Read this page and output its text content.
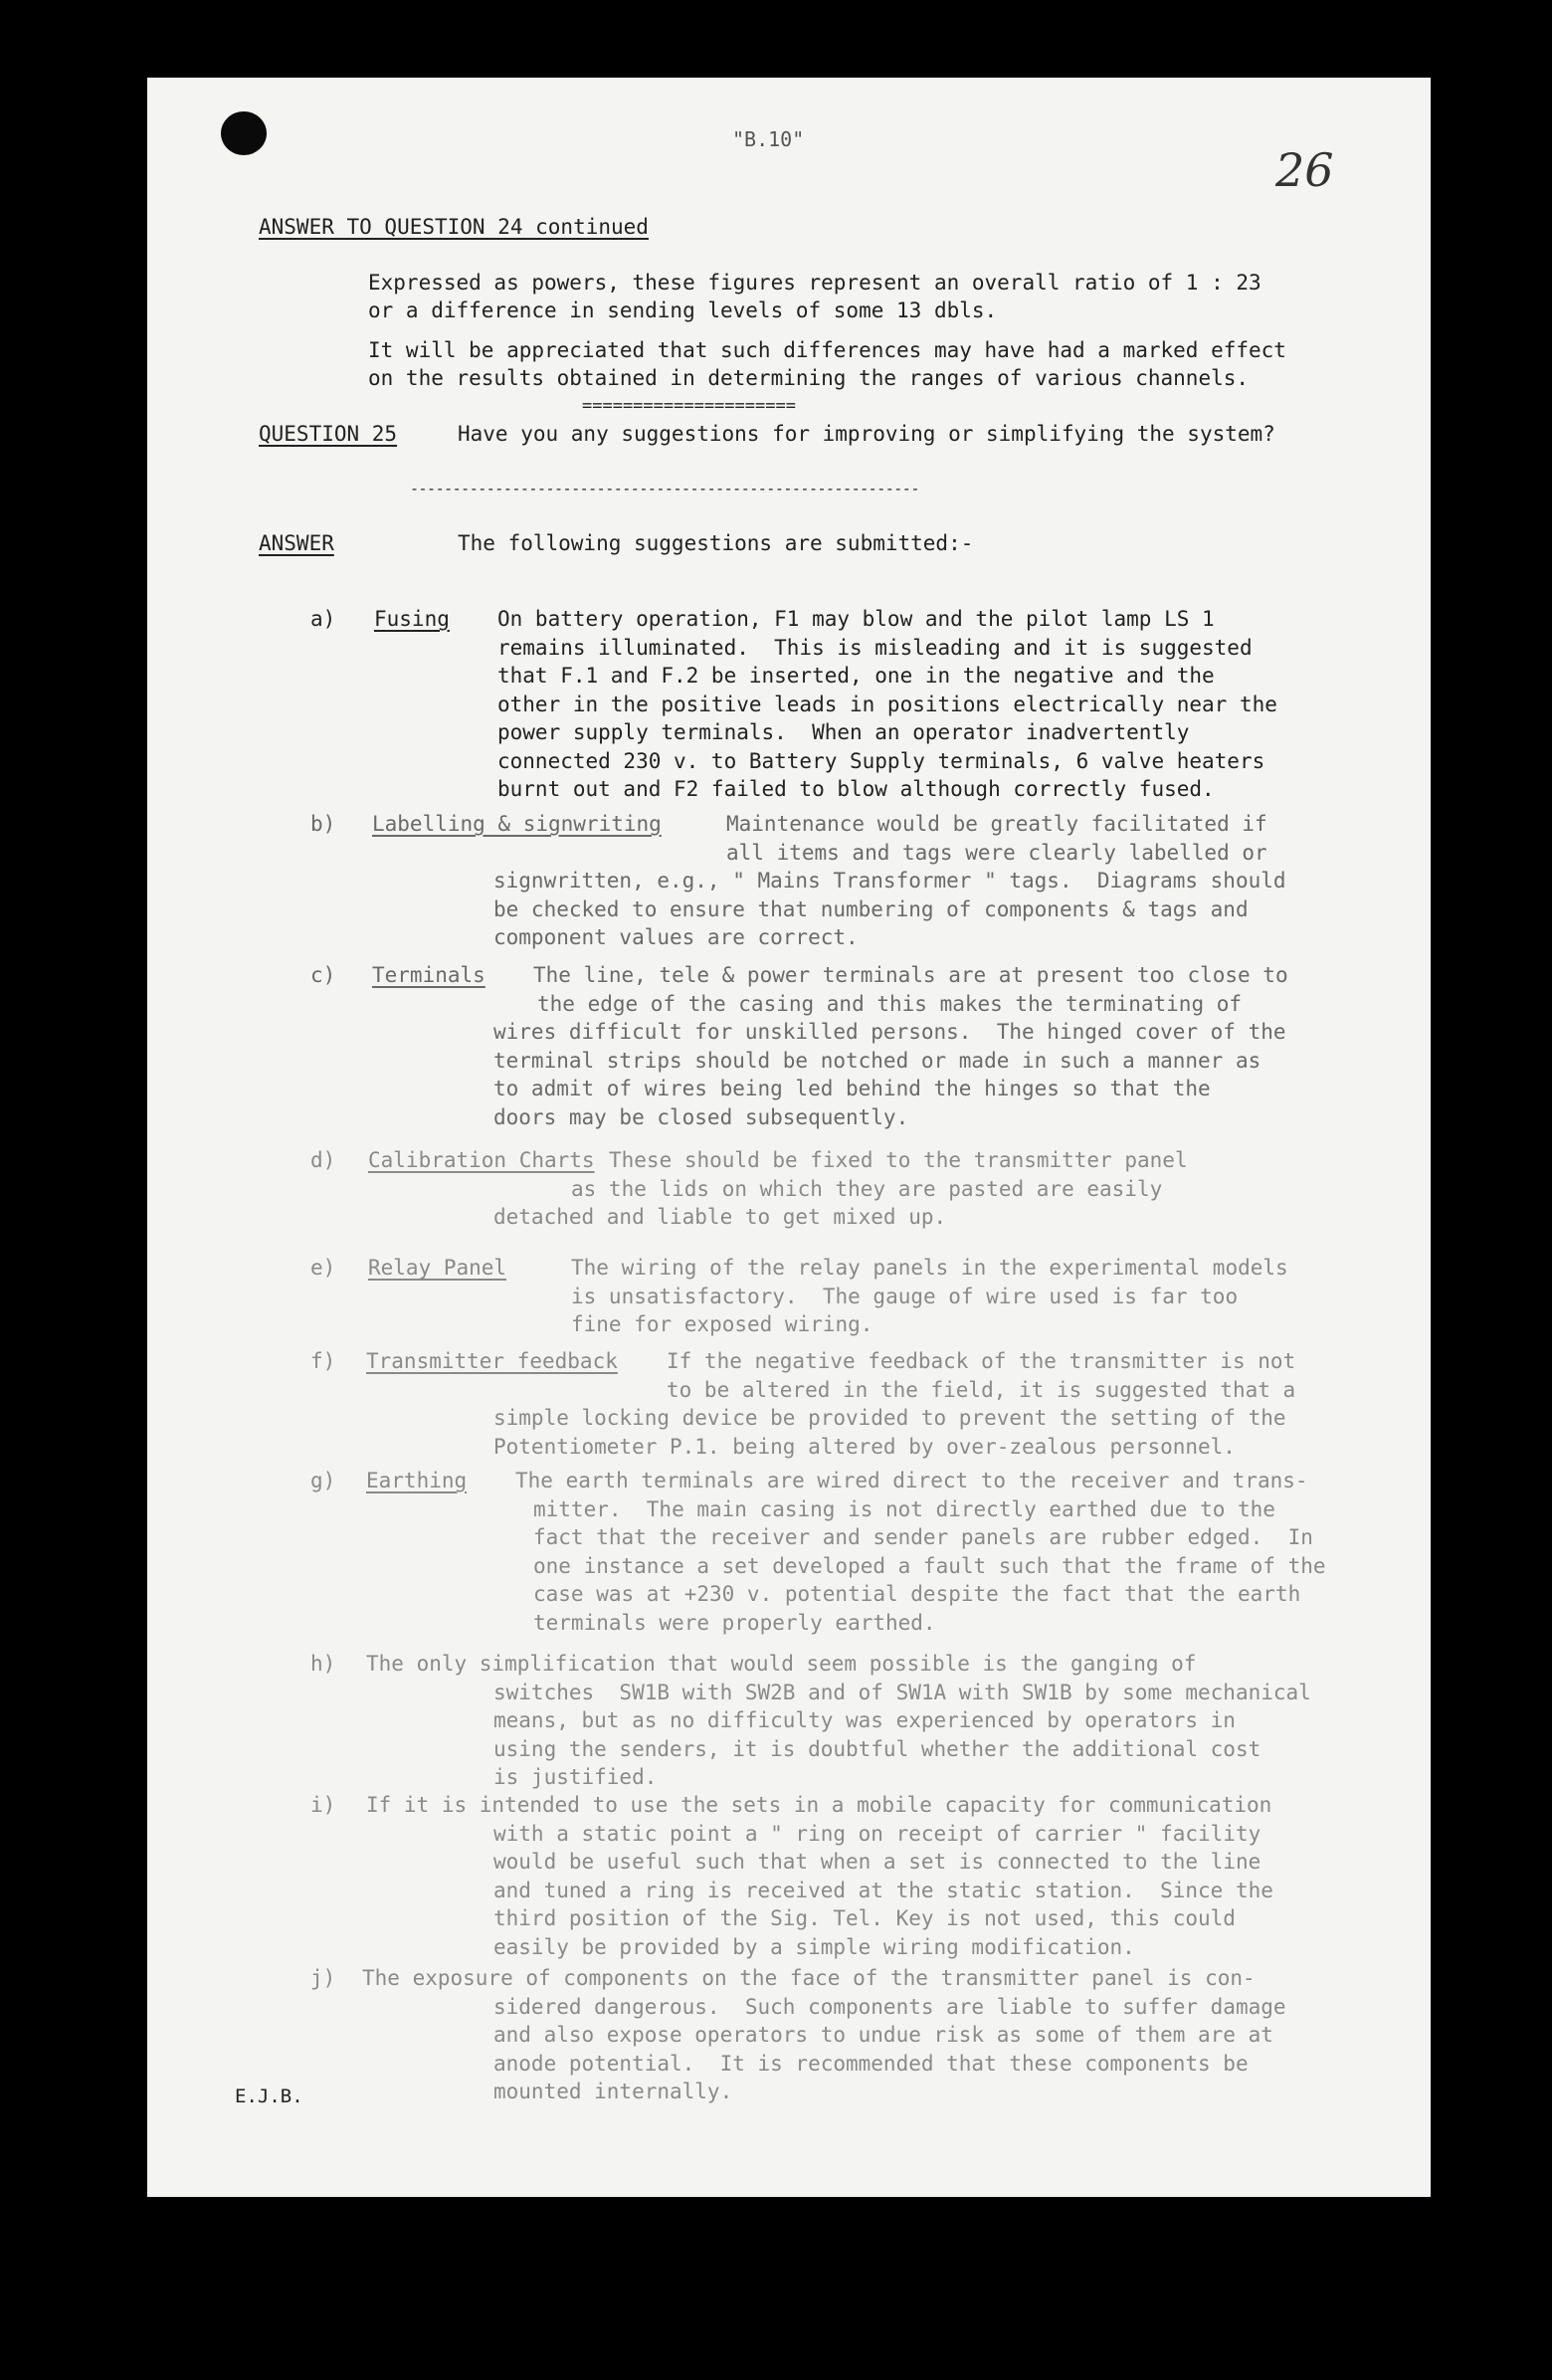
"B.10"
26
ANSWER TO QUESTION 24 continued
Expressed as powers, these figures represent an overall ratio of 1 : 23
or a difference in sending levels of some 13 dbls.
It will be appreciated that such differences may have had a marked effect
on the results obtained in determining the ranges of various channels.
=====================
QUESTION 25	Have you any suggestions for improving or simplifying the system?
------------------------------------------------------------
ANSWER	The following suggestions are submitted:-
a) Fusing On battery operation, F1 may blow and the pilot lamp LS 1
remains illuminated.  This is misleading and it is suggested
that F.1 and F.2 be inserted, one in the negative and the
other in the positive leads in positions electrically near the
power supply terminals.  When an operator inadvertently
connected 230 v. to Battery Supply terminals, 6 valve heaters
burnt out and F2 failed to blow although correctly fused.
b) Labelling & signwriting	Maintenance would be greatly facilitated if
all items and tags were clearly labelled or
signwritten, e.g., " Mains Transformer " tags.  Diagrams should
be checked to ensure that numbering of components & tags and
component values are correct.
c) Terminals The line, tele & power terminals are at present too close to
the edge of the casing and this makes the terminating of
wires difficult for unskilled persons.  The hinged cover of the
terminal strips should be notched or made in such a manner as
to admit of wires being led behind the hinges so that the
doors may be closed subsequently.
d) Calibration Charts These should be fixed to the transmitter panel
as the lids on which they are pasted are easily
detached and liable to get mixed up.
e) Relay Panel	The wiring of the relay panels in the experimental models
is unsatisfactory.  The gauge of wire used is far too
fine for exposed wiring.
f) Transmitter feedback If the negative feedback of the transmitter is not
to be altered in the field, it is suggested that a
simple locking device be provided to prevent the setting of the
Potentiometer P.1. being altered by over-zealous personnel.
g) Earthing The earth terminals are wired direct to the receiver and trans-
mitter.  The main casing is not directly earthed due to the
fact that the receiver and sender panels are rubber edged.  In
one instance a set developed a fault such that the frame of the
case was at +230 v. potential despite the fact that the earth
terminals were properly earthed.
h) The only simplification that would seem possible is the ganging of
switches  SW1B with SW2B and of SW1A with SW1B by some mechanical
means, but as no difficulty was experienced by operators in
using the senders, it is doubtful whether the additional cost
is justified.
i) If it is intended to use the sets in a mobile capacity for communication
with a static point a " ring on receipt of carrier " facility
would be useful such that when a set is connected to the line
and tuned a ring is received at the static station.  Since the
third position of the Sig. Tel. Key is not used, this could
easily be provided by a simple wiring modification.
j) The exposure of components on the face of the transmitter panel is con-
sidered dangerous.  Such components are liable to suffer damage
and also expose operators to undue risk as some of them are at
anode potential.  It is recommended that these components be
mounted internally.
E.J.B.
